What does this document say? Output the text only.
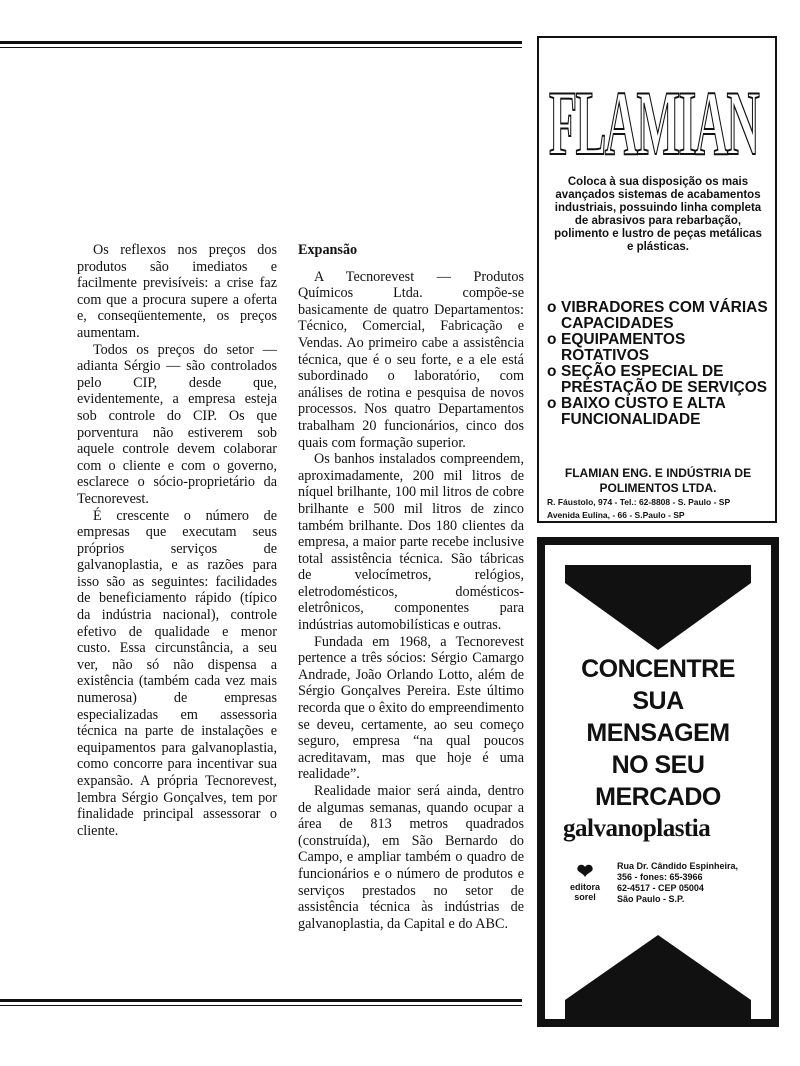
Os reflexos nos preços dos produtos são imediatos e facilmente previsíveis: a crise faz com que a procura supere a oferta e, conseqüentemente, os preços aumentam.

Todos os preços do setor — adianta Sérgio — são controlados pelo CIP, desde que, evidentemente, a empresa esteja sob controle do CIP. Os que porventura não estiverem sob aquele controle devem colaborar com o cliente e com o governo, esclarece o sócio-proprietário da Tecnorevest.

É crescente o número de empresas que executam seus próprios serviços de galvanoplastia, e as razões para isso são as seguintes: facilidades de beneficiamento rápido (típico da indústria nacional), controle efetivo de qualidade e menor custo. Essa circunstância, a seu ver, não só não dispensa a existência (também cada vez mais numerosa) de empresas especializadas em assessoria técnica na parte de instalações e equipamentos para galvanoplastia, como concorre para incentivar sua expansão. A própria Tecnorevest, lembra Sérgio Gonçalves, tem por finalidade principal assessorar o cliente.

Expansão

A Tecnorevest — Produtos Químicos Ltda. compõe-se basicamente de quatro Departamentos: Técnico, Comercial, Fabricação e Vendas. Ao primeiro cabe a assistência técnica, que é o seu forte, e a ele está subordinado o laboratório, com análises de rotina e pesquisa de novos processos. Nos quatro Departamentos trabalham 20 funcionários, cinco dos quais com formação superior.

Os banhos instalados compreendem, aproximadamente, 200 mil litros de níquel brilhante, 100 mil litros de cobre brilhante e 500 mil litros de zinco também brilhante. Dos 180 clientes da empresa, a maior parte recebe inclusive total assistência técnica. São tábricas de velocímetros, relógios, eletrodomésticos, domésticos-eletrônicos, componentes para indústrias automobilísticas e outras.

Fundada em 1968, a Tecnorevest pertence a três sócios: Sérgio Camargo Andrade, João Orlando Lotto, além de Sérgio Gonçalves Pereira. Este último recorda que o êxito do empreendimento se deveu, certamente, ao seu começo seguro, empresa “na qual poucos acreditavam, mas que hoje é uma realidade”.

Realidade maior será ainda, dentro de algumas semanas, quando ocupar a área de 813 metros quadrados (construída), em São Bernardo do Campo, e ampliar também o quadro de funcionários e o número de produtos e serviços prestados no setor de assistência técnica às indústrias de galvanoplastia, da Capital e do ABC.

FLAMIAN
Coloca à sua disposição os mais avançados sistemas de acabamentos industriais, possuindo linha completa de abrasivos para rebarbação, polimento e lustro de peças metálicas e plásticas.
o VIBRADORES COM VÁRIAS CAPACIDADES
o EQUIPAMENTOS ROTATIVOS
o SEÇÃO ESPECIAL DE PRESTAÇÃO DE SERVIÇOS
o BAIXO CUSTO E ALTA FUNCIONALIDADE
FLAMIAN ENG. E INDÚSTRIA DE POLIMENTOS LTDA.
R. Fáustolo, 974 - Tel.: 62-8808 - S. Paulo - SP
Avenida Eulina, - 66 - S.Paulo - SP
CONCENTRE
SUA
MENSAGEM
NO SEU
MERCADO
galvanoplastia
❤
editora
sorel
Rua Dr. Cândido Espinheira,
356 - fones: 65-3966
62-4517 - CEP 05004
São Paulo - S.P.
